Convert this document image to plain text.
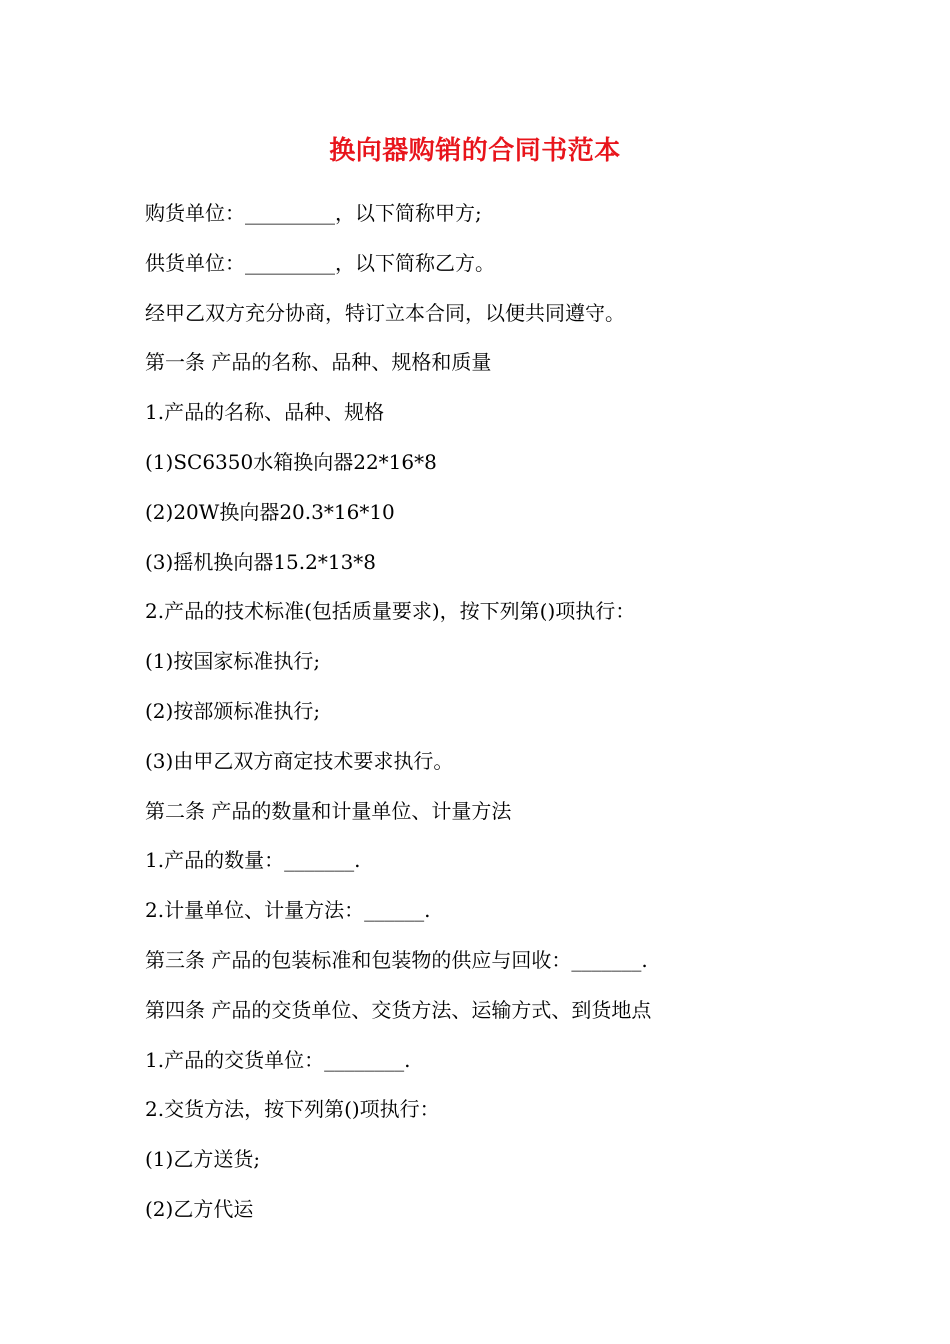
换向器购销的合同书范本
购货单位：_________，以下简称甲方;
供货单位：_________，以下简称乙方。
经甲乙双方充分协商，特订立本合同，以便共同遵守。
第一条 产品的名称、品种、规格和质量
1.产品的名称、品种、规格
(1)SC6350水箱换向器22*16*8
(2)20W换向器20.3*16*10
(3)摇机换向器15.2*13*8
2.产品的技术标准(包括质量要求)，按下列第()项执行：
(1)按国家标准执行;
(2)按部颁标准执行;
(3)由甲乙双方商定技术要求执行。
第二条 产品的数量和计量单位、计量方法
1.产品的数量：_______.
2.计量单位、计量方法：______.
第三条 产品的包装标准和包装物的供应与回收：_______.
第四条 产品的交货单位、交货方法、运输方式、到货地点
1.产品的交货单位：________.
2.交货方法，按下列第()项执行：
(1)乙方送货;
(2)乙方代运
